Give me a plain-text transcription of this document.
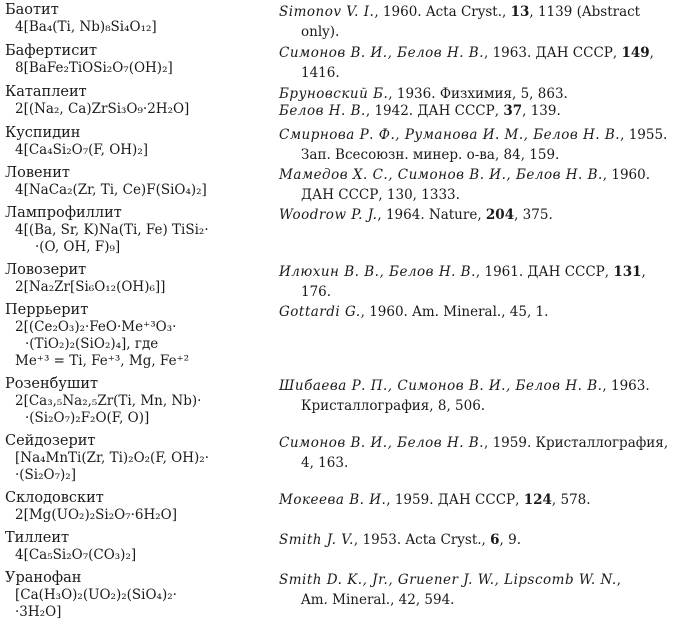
Баотит
4[Ba₄(Ti, Nb)₈Si₄O₁₂]
Simonov V. I., 1960. Acta Cryst., 13, 1139 (Abstract
only).
Бафертисит
8[BaFe₂TiOSi₂O₇(OH)₂]
Симонов В. И., Белов Н. В., 1963. ДАН СССР, 149,
1416.
Катаплеит
2[(Na₂, Ca)ZrSi₃O₉·2H₂O]
Бруновский Б., 1936. Физхимия, 5, 863.
Белов Н. В., 1942. ДАН СССР, 37, 139.
Куспидин
4[Ca₄Si₂O₇(F, OH)₂]
Смирнова Р. Ф., Руманова И. М., Белов Н. В., 1955.
Зап. Всесоюзн. минер. о-ва, 84, 159.
Ловенит
4[NaCa₂(Zr, Ti, Ce)F(SiO₄)₂]
Мамедов Х. С., Симонов В. И., Белов Н. В., 1960.
ДАН СССР, 130, 1333.
Лампрофиллит
4[(Ba, Sr, K)Na(Ti, Fe) TiSi₂·
·(O, OH, F)₉]
Woodrow P. J., 1964. Nature, 204, 375.
Ловозерит
2[Na₂Zr[Si₆O₁₂(OH)₆]]
Илюхин В. В., Белов Н. В., 1961. ДАН СССР, 131,
176.
Перрьерит
2[(Ce₂O₃)₂·FeO·Me⁺³O₃·
·(TiO₂)₂(SiO₂)₄], где
Me⁺³ = Ti, Fe⁺³, Mg, Fe⁺²
Gottardi G., 1960. Am. Mineral., 45, 1.
Розенбушит
2[Ca₃,₅Na₂,₅Zr(Ti, Mn, Nb)·
·(Si₂O₇)₂F₂O(F, O)]
Шибаева Р. П., Симонов В. И., Белов Н. В., 1963.
Кристаллография, 8, 506.
Сейдозерит
[Na₄MnTi(Zr, Ti)₂O₂(F, OH)₂·
·(Si₂O₇)₂]
Симонов В. И., Белов Н. В., 1959. Кристаллография,
4, 163.
Склодовскит
2[Mg(UO₂)₂Si₂O₇·6H₂O]
Мокеева В. И., 1959. ДАН СССР, 124, 578.
Тиллеит
4[Ca₅Si₂O₇(CO₃)₂]
Smith J. V., 1953. Acta Cryst., 6, 9.
Уранофан
[Ca(H₃O)₂(UO₂)₂(SiO₄)₂·
·3H₂O]
Smith D. K., Jr., Gruener J. W., Lipscomb W. N.,
Am. Mineral., 42, 594.
